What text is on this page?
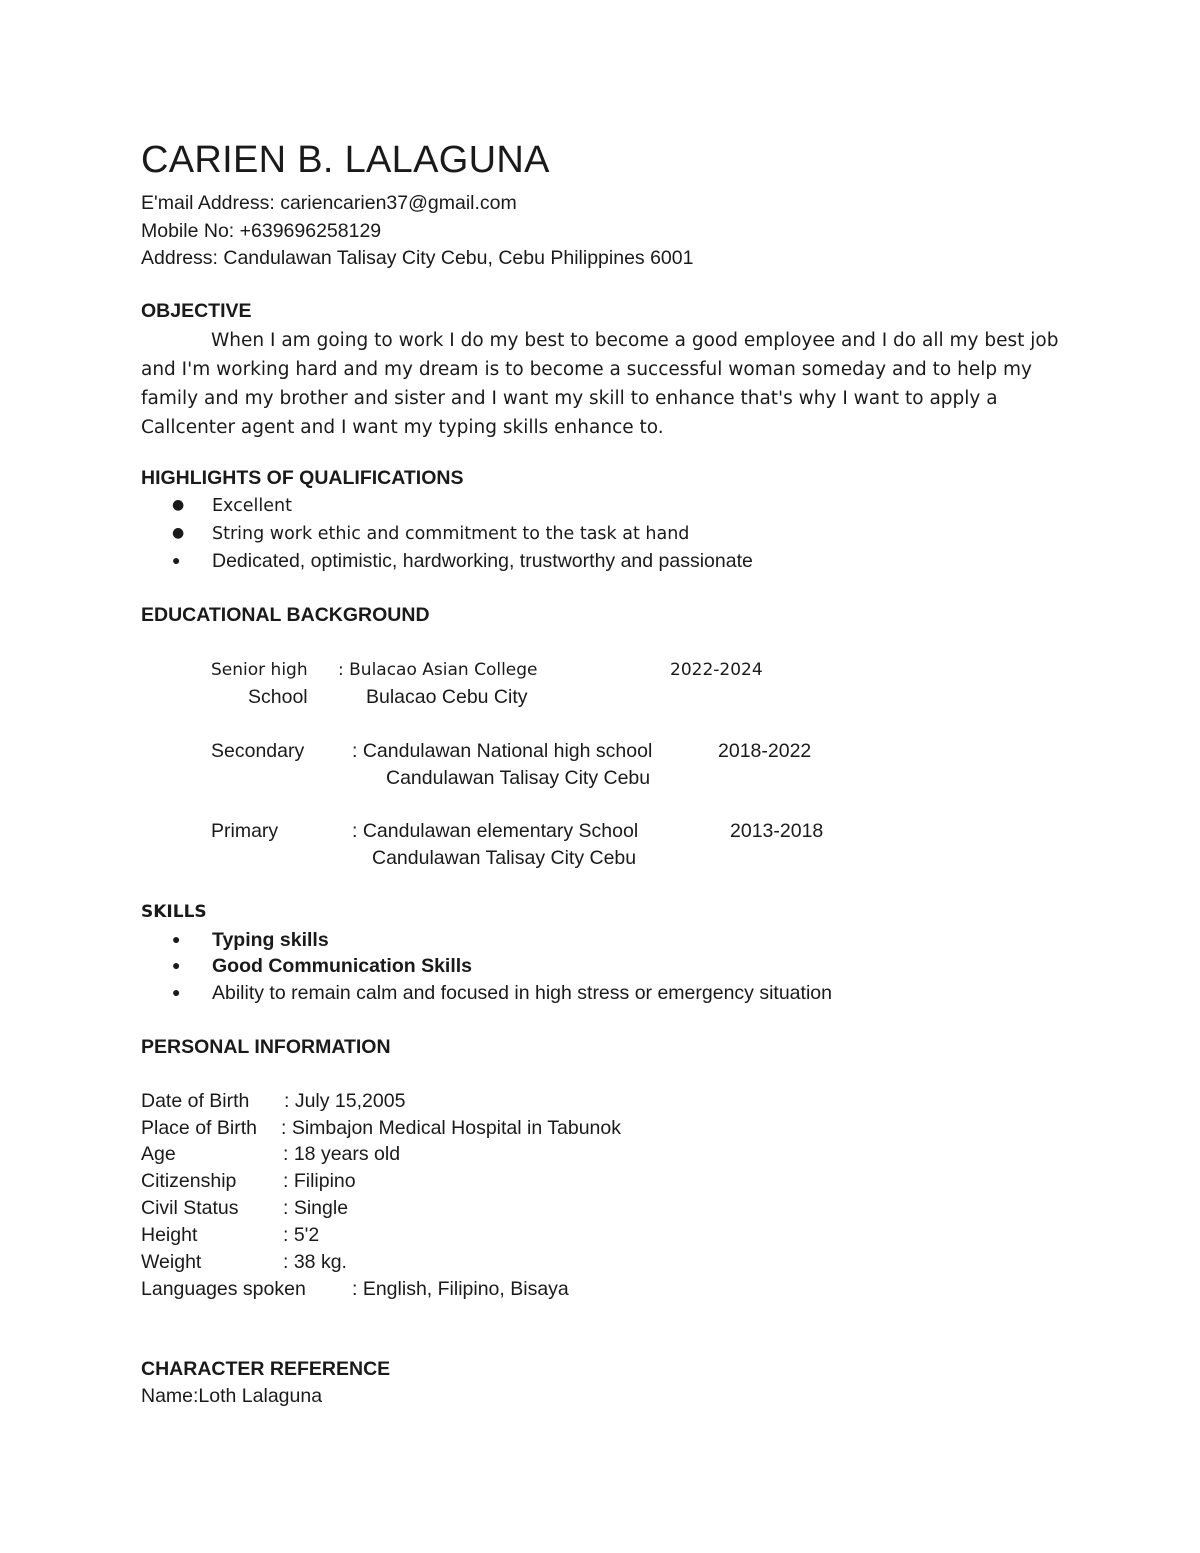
CARIEN B. LALAGUNA
E'mail Address: cariencarien37@gmail.com
Mobile No: +639696258129
Address: Candulawan Talisay City Cebu, Cebu Philippines 6001
OBJECTIVE
When I am going to work I do my best to become a good employee and I do all my best job and I'm working hard and my dream is to become a successful woman someday and to help my family and my brother and sister and I want my skill to enhance that's why I want to apply a Callcenter agent and I want my typing skills enhance to.
HIGHLIGHTS OF QUALIFICATIONS
● Excellent
● String work ethic and commitment to the task at hand
● Dedicated, optimistic, hardworking, trustworthy and passionate
EDUCATIONAL BACKGROUND
Senior high : Bulacao Asian College	2022-2024
School	Bulacao Cebu City
Secondary : Candulawan National high school	2018-2022
Candulawan Talisay City Cebu
Primary	: Candulawan elementary School	2013-2018
Candulawan Talisay City Cebu
SKILLS
● Typing skills
● Good Communication Skills
● Ability to remain calm and focused in high stress or emergency situation
PERSONAL INFORMATION
Date of Birth : July 15,2005
Place of Birth : Simbajon Medical Hospital in Tabunok
Age	: 18 years old
Citizenship : Filipino
Civil Status : Single
Height	: 5'2
Weight	: 38 kg.
Languages spoken : English, Filipino, Bisaya
CHARACTER REFERENCE
Name:Loth Lalaguna
